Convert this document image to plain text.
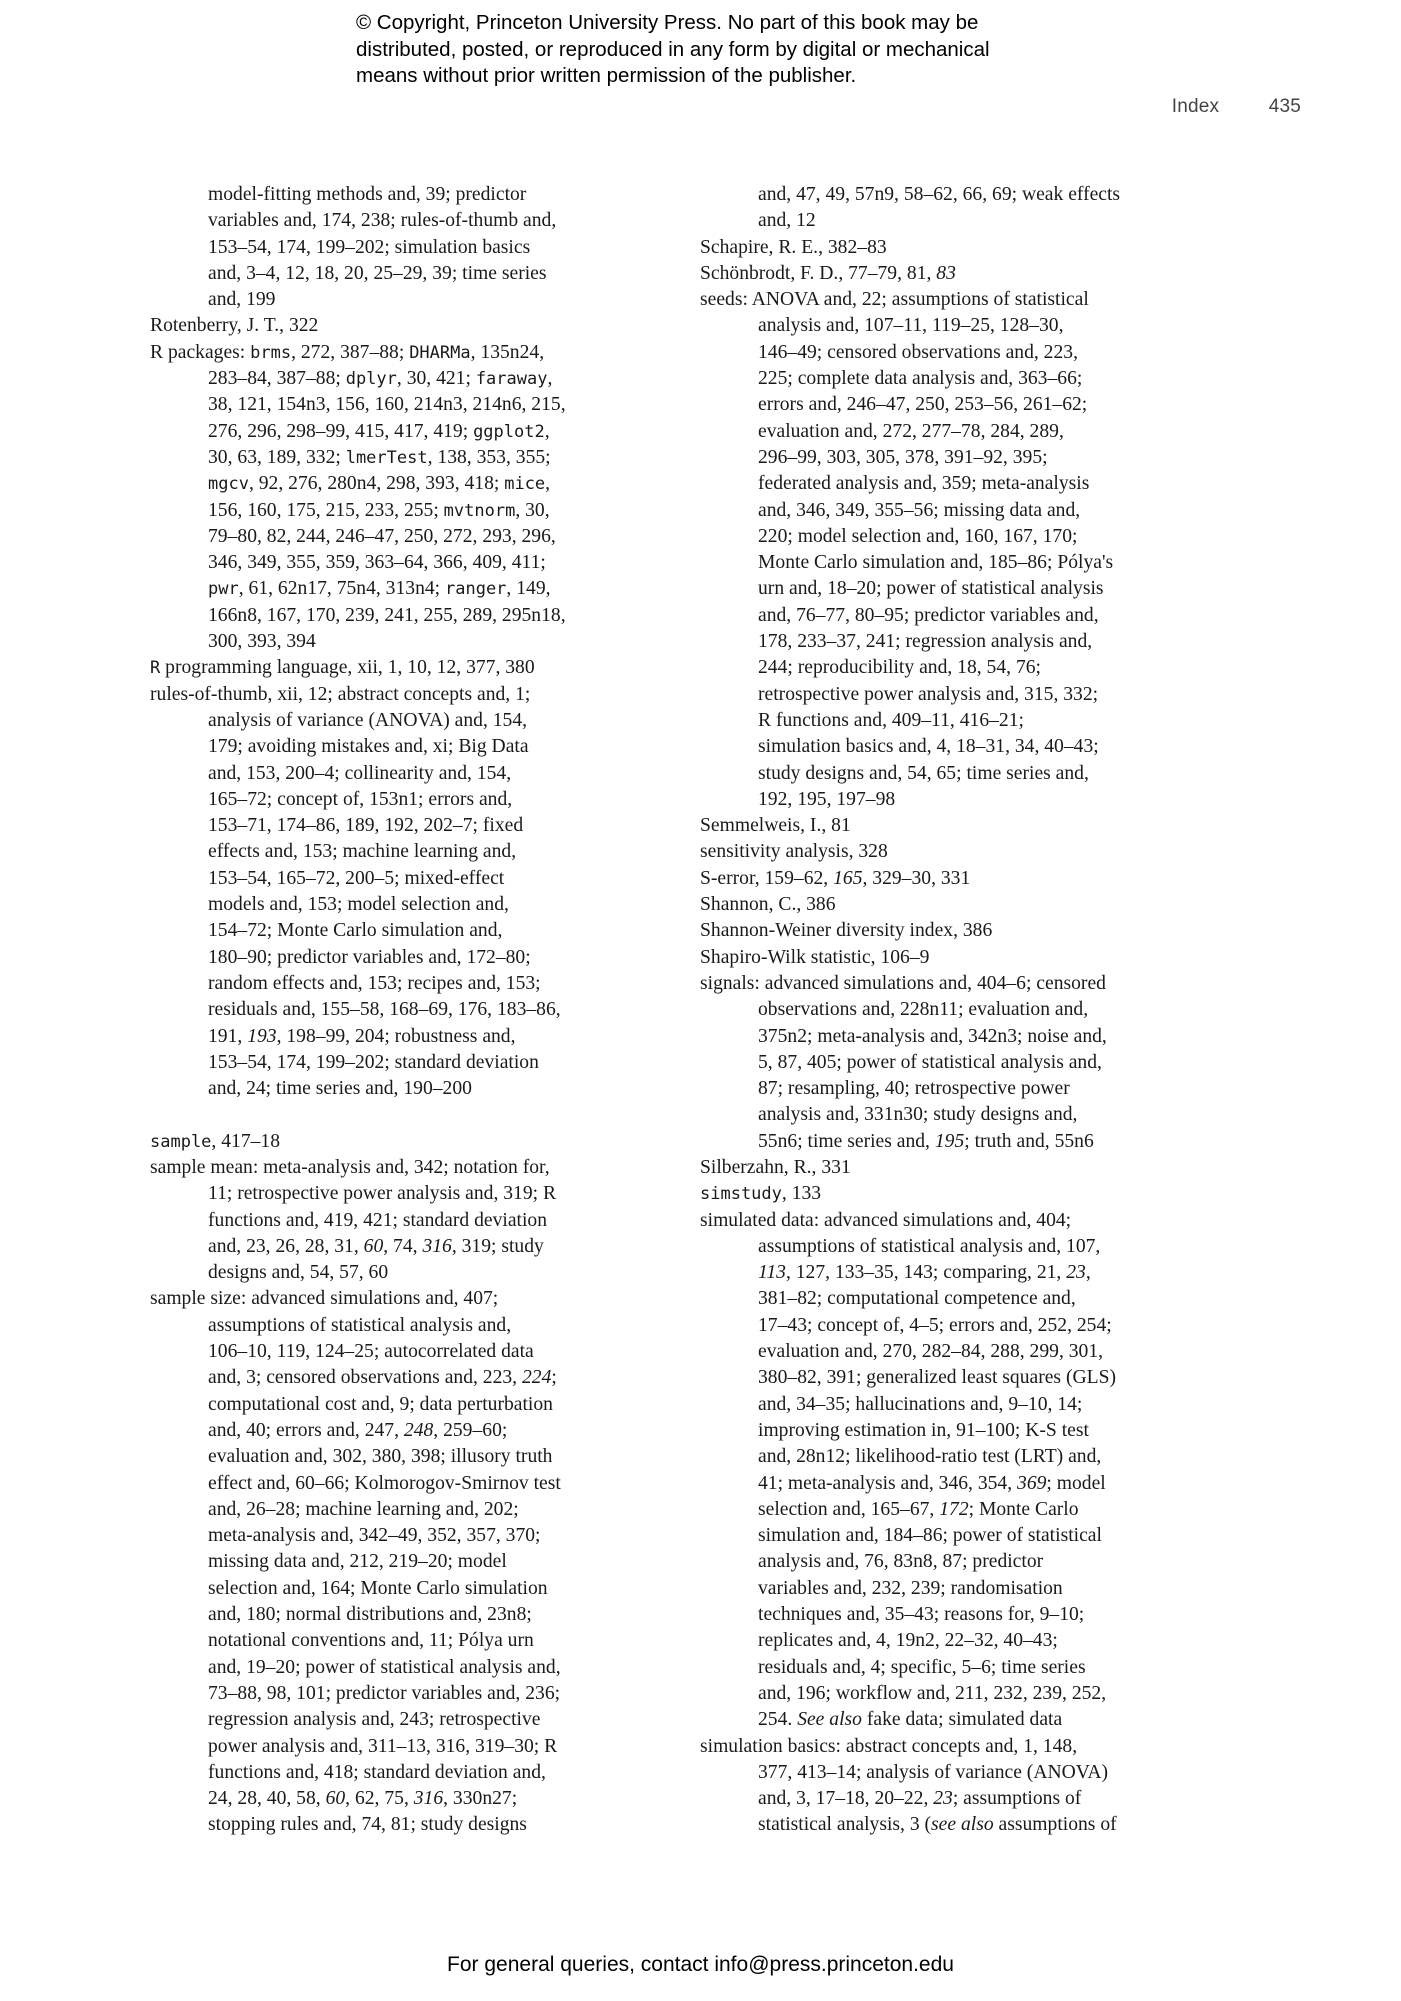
© Copyright, Princeton University Press. No part of this book may be
distributed, posted, or reproduced in any form by digital or mechanical
means without prior written permission of the publisher.
Index	435
model-fitting methods and, 39; predictor
variables and, 174, 238; rules-of-thumb and,
153–54, 174, 199–202; simulation basics
and, 3–4, 12, 18, 20, 25–29, 39; time series
and, 199
Rotenberry, J. T., 322
R packages: brms, 272, 387–88; DHARMa, 135n24,
283–84, 387–88; dplyr, 30, 421; faraway,
38, 121, 154n3, 156, 160, 214n3, 214n6, 215,
276, 296, 298–99, 415, 417, 419; ggplot2,
30, 63, 189, 332; lmerTest, 138, 353, 355;
mgcv, 92, 276, 280n4, 298, 393, 418; mice,
156, 160, 175, 215, 233, 255; mvtnorm, 30,
79–80, 82, 244, 246–47, 250, 272, 293, 296,
346, 349, 355, 359, 363–64, 366, 409, 411;
pwr, 61, 62n17, 75n4, 313n4; ranger, 149,
166n8, 167, 170, 239, 241, 255, 289, 295n18,
300, 393, 394
R programming language, xii, 1, 10, 12, 377, 380
rules-of-thumb, xii, 12; abstract concepts and, 1;
analysis of variance (ANOVA) and, 154,
179; avoiding mistakes and, xi; Big Data
and, 153, 200–4; collinearity and, 154,
165–72; concept of, 153n1; errors and,
153–71, 174–86, 189, 192, 202–7; fixed
effects and, 153; machine learning and,
153–54, 165–72, 200–5; mixed-effect
models and, 153; model selection and,
154–72; Monte Carlo simulation and,
180–90; predictor variables and, 172–80;
random effects and, 153; recipes and, 153;
residuals and, 155–58, 168–69, 176, 183–86,
191, 193, 198–99, 204; robustness and,
153–54, 174, 199–202; standard deviation
and, 24; time series and, 190–200
sample, 417–18
sample mean: meta-analysis and, 342; notation for,
11; retrospective power analysis and, 319; R
functions and, 419, 421; standard deviation
and, 23, 26, 28, 31, 60, 74, 316, 319; study
designs and, 54, 57, 60
sample size: advanced simulations and, 407;
assumptions of statistical analysis and,
106–10, 119, 124–25; autocorrelated data
and, 3; censored observations and, 223, 224;
computational cost and, 9; data perturbation
and, 40; errors and, 247, 248, 259–60;
evaluation and, 302, 380, 398; illusory truth
effect and, 60–66; Kolmorogov-Smirnov test
and, 26–28; machine learning and, 202;
meta-analysis and, 342–49, 352, 357, 370;
missing data and, 212, 219–20; model
selection and, 164; Monte Carlo simulation
and, 180; normal distributions and, 23n8;
notational conventions and, 11; Pólya urn
and, 19–20; power of statistical analysis and,
73–88, 98, 101; predictor variables and, 236;
regression analysis and, 243; retrospective
power analysis and, 311–13, 316, 319–30; R
functions and, 418; standard deviation and,
24, 28, 40, 58, 60, 62, 75, 316, 330n27;
stopping rules and, 74, 81; study designs
and, 47, 49, 57n9, 58–62, 66, 69; weak effects
and, 12
Schapire, R. E., 382–83
Schönbrodt, F. D., 77–79, 81, 83
seeds: ANOVA and, 22; assumptions of statistical
analysis and, 107–11, 119–25, 128–30,
146–49; censored observations and, 223,
225; complete data analysis and, 363–66;
errors and, 246–47, 250, 253–56, 261–62;
evaluation and, 272, 277–78, 284, 289,
296–99, 303, 305, 378, 391–92, 395;
federated analysis and, 359; meta-analysis
and, 346, 349, 355–56; missing data and,
220; model selection and, 160, 167, 170;
Monte Carlo simulation and, 185–86; Pólya's
urn and, 18–20; power of statistical analysis
and, 76–77, 80–95; predictor variables and,
178, 233–37, 241; regression analysis and,
244; reproducibility and, 18, 54, 76;
retrospective power analysis and, 315, 332;
R functions and, 409–11, 416–21;
simulation basics and, 4, 18–31, 34, 40–43;
study designs and, 54, 65; time series and,
192, 195, 197–98
Semmelweis, I., 81
sensitivity analysis, 328
S-error, 159–62, 165, 329–30, 331
Shannon, C., 386
Shannon-Weiner diversity index, 386
Shapiro-Wilk statistic, 106–9
signals: advanced simulations and, 404–6; censored
observations and, 228n11; evaluation and,
375n2; meta-analysis and, 342n3; noise and,
5, 87, 405; power of statistical analysis and,
87; resampling, 40; retrospective power
analysis and, 331n30; study designs and,
55n6; time series and, 195; truth and, 55n6
Silberzahn, R., 331
simstudy, 133
simulated data: advanced simulations and, 404;
assumptions of statistical analysis and, 107,
113, 127, 133–35, 143; comparing, 21, 23,
381–82; computational competence and,
17–43; concept of, 4–5; errors and, 252, 254;
evaluation and, 270, 282–84, 288, 299, 301,
380–82, 391; generalized least squares (GLS)
and, 34–35; hallucinations and, 9–10, 14;
improving estimation in, 91–100; K-S test
and, 28n12; likelihood-ratio test (LRT) and,
41; meta-analysis and, 346, 354, 369; model
selection and, 165–67, 172; Monte Carlo
simulation and, 184–86; power of statistical
analysis and, 76, 83n8, 87; predictor
variables and, 232, 239; randomisation
techniques and, 35–43; reasons for, 9–10;
replicates and, 4, 19n2, 22–32, 40–43;
residuals and, 4; specific, 5–6; time series
and, 196; workflow and, 211, 232, 239, 252,
254. See also fake data; simulated data
simulation basics: abstract concepts and, 1, 148,
377, 413–14; analysis of variance (ANOVA)
and, 3, 17–18, 20–22, 23; assumptions of
statistical analysis, 3 (see also assumptions of
For general queries, contact info@press.princeton.edu
